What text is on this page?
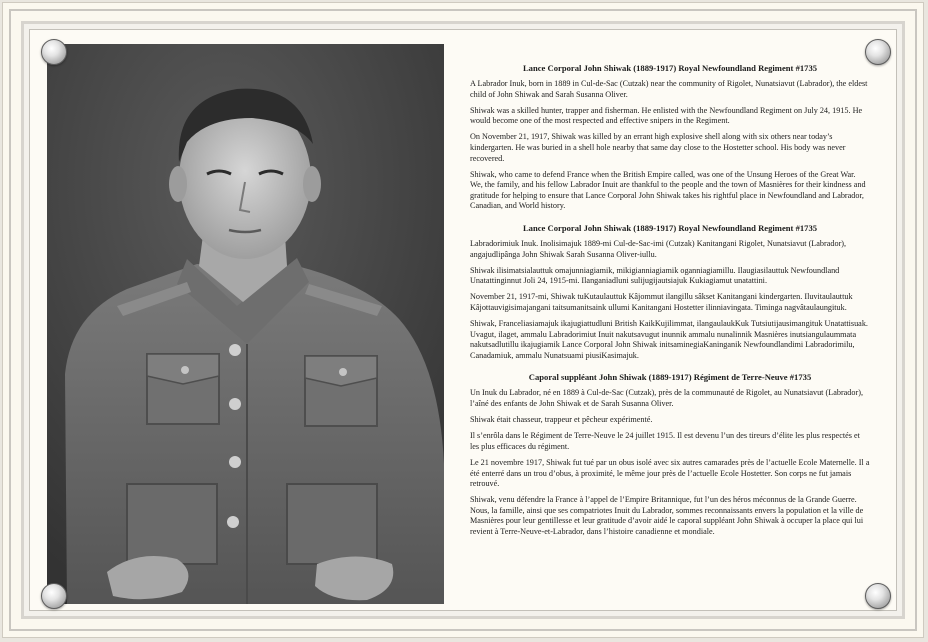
Lance Corporal John Shiwak (1889-1917) Royal Newfoundland Regiment #1735

A Labrador Inuk, born in 1889 in Cul-de-Sac (Cutzak) near the community of Rigolet, Nunatsiavut (Labrador), the eldest child of John Shiwak and Sarah Susanna Oliver.

Shiwak was a skilled hunter, trapper and fisherman. He enlisted with the Newfoundland Regiment on July 24, 1915. He would become one of the most respected and effective snipers in the Regiment.

On November 21, 1917, Shiwak was killed by an errant high explosive shell along with six others near today’s kindergarten. He was buried in a shell hole nearby that same day close to the Hostetter school. His body was never recovered.

Shiwak, who came to defend France when the British Empire called, was one of the Unsung Heroes of the Great War. We, the family, and his fellow Labrador Inuit are thankful to the people and the town of Masnières for their kindness and gratitude for helping to ensure that Lance Corporal John Shiwak takes his rightful place in Newfoundland and Labrador, Canadian, and World history.

Lance Corporal John Shiwak (1889-1917) Royal Newfoundland Regiment #1735

Labradorimiuk Inuk. Inolisimajuk 1889-mi Cul-de-Sac-imi (Cutzak) Kanitangani Rigolet, Nunatsiavut (Labrador), angajudlipânga John Shiwak Sarah Susanna Oliver-iullu.

Shiwak ilisimatsialauttuk omajunniagiamik, mikigianniagiamik oganniagiamillu. Ilaugiasilauttuk Newfoundland Unatattinginnut Joli 24, 1915-mi. Ilanganiadluni sulijugijautsiajuk Kukiagiamut unatattini.

November 21, 1917-mi, Shiwak tuKutaulauttuk Kâjommut ilangillu sâkset Kanitangani kindergarten. Iluvitaulauttuk Kâjottauvigisimajangani taitsumanitsaink ullumi Kanitangani Hostetter ilinniavingata. Timinga nagvâtaulaungituk.

Shiwak, Franceliasiamajuk ikajugiattudluni British KaikKujilimmat, ilangaulaukKuk Tutsiutijausimangituk Unatattisuak. Uvagut, ilaget, ammalu Labradorimiut Inuit nakutsavugut inunnik ammalu nunalinnik Masnières inutsiangulaummata nakutsadlutillu ikajugiamik Lance Corporal John Shiwak initsaminegiaKaninganik Newfoundlandimi Labradorimilu, Canadamiuk, ammalu Nunatsuami piusiKasimajuk.

Caporal suppléant John Shiwak (1889-1917) Régiment de Terre-Neuve #1735

Un Inuk du Labrador, né en 1889 à Cul-de-Sac (Cutzak), près de la communauté de Rigolet, au Nunatsiavut (Labrador), l’aîné des enfants de John Shiwak et de Sarah Susanna Oliver.

Shiwak était chasseur, trappeur et pêcheur expérimenté.

Il s’enrôla dans le Régiment de Terre-Neuve le 24 juillet 1915. Il est devenu l’un des tireurs d’élite les plus respectés et les plus efficaces du régiment.

Le 21 novembre 1917, Shiwak fut tué par un obus isolé avec six autres camarades près de l’actuelle Ecole Maternelle. Il a été enterré dans un trou d’obus, à proximité, le même jour près de l’actuelle Ecole Hostetter. Son corps ne fut jamais retrouvé.

Shiwak, venu défendre la France à l’appel de l’Empire Britannique, fut l’un des héros méconnus de la Grande Guerre. Nous, la famille, ainsi que ses compatriotes Inuit du Labrador, sommes reconnaissants envers la population et la ville de Masnières pour leur gentillesse et leur gratitude d’avoir aidé le caporal suppléant John Shiwak à occuper la place qui lui revient à Terre-Neuve-et-Labrador, dans l’histoire canadienne et mondiale.
